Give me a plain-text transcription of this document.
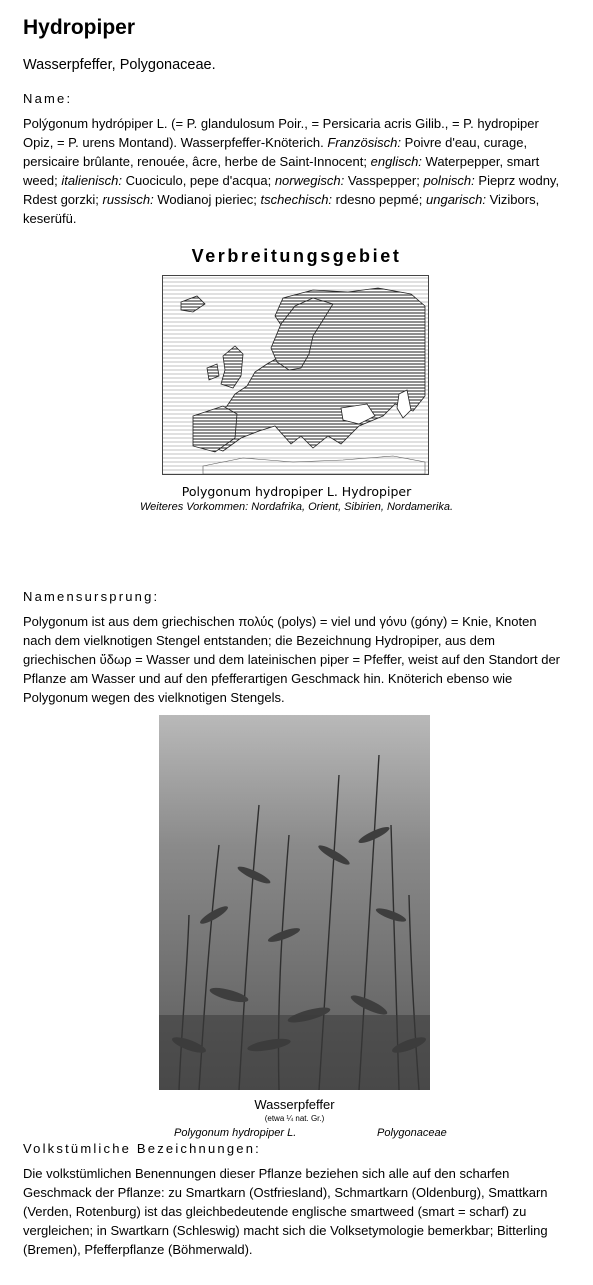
Hydropiper

Wasserpfeffer, Polygonaceae.

Name:

Polýgonum hydrópiper L. (= P. glandulosum Poir., = Persicaria acris Gilib., = P. hydropiper Opiz, = P. urens Montand). Wasserpfeffer-Knöterich. Französisch: Poivre d'eau, curage, persicaire brûlante, renouée, âcre, herbe de Saint-Innocent; englisch: Waterpepper, smart weed; italienisch: Cuociculo, pepe d'acqua; norwegisch: Vasspepper; polnisch: Pieprz wodny, Rdest gorzki; russisch: Wodianoj pieriec; tschechisch: rdesno pepmé; ungarisch: Vizibors, keserüfü.

Verbreitungsgebiet
Polygonum hydropiper L. Hydropiper
Weiteres Vorkommen: Nordafrika, Orient, Sibirien, Nordamerika.
Namensursprung:

Polygonum ist aus dem griechischen πολύς (polys) = viel und γόνυ (góny) = Knie, Knoten nach dem vielknotigen Stengel entstanden; die Bezeichnung Hydropiper, aus dem griechischen ὕδωρ = Wasser und dem lateinischen piper = Pfeffer, weist auf den Standort der Pflanze am Wasser und auf den pfefferartigen Geschmack hin. Knöterich ebenso wie Polygonum wegen des vielknotigen Stengels.

Wasserpfeffer
(etwa ¼ nat. Gr.)
Polygonum hydropiper L.	Polygonaceae
Volkstümliche Bezeichnungen:

Die volkstümlichen Benennungen dieser Pflanze beziehen sich alle auf den scharfen Geschmack der Pflanze: zu Smartkarn (Ostfriesland), Schmartkarn (Oldenburg), Smattkarn (Verden, Rotenburg) ist das gleichbedeutende englische smartweed (smart = scharf) zu vergleichen; in Swartkarn (Schleswig) macht sich die Volksetymologie bemerkbar; Bitterling (Bremen), Pfefferpflanze (Böhmerwald).
